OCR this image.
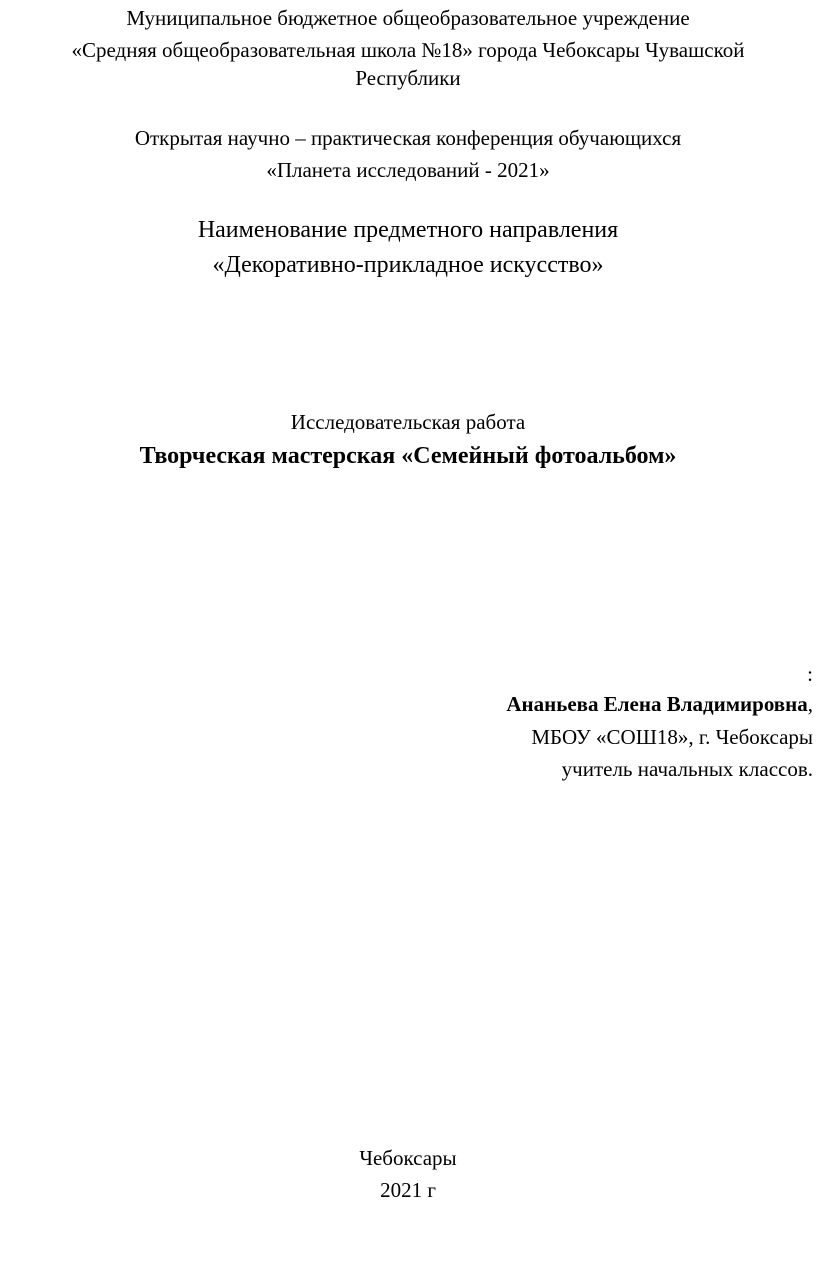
Муниципальное бюджетное общеобразовательное учреждение
«Средняя общеобразовательная школа №18» города Чебоксары Чувашской
Республики
Открытая научно – практическая конференция обучающихся
«Планета исследований - 2021»
Наименование предметного направления
«Декоративно-прикладное искусство»
Исследовательская работа
Творческая мастерская «Семейный фотоальбом»
:
Ананьева Елена Владимировна,
МБОУ «СОШ18», г. Чебоксары
учитель начальных классов.
Чебоксары
2021 г
